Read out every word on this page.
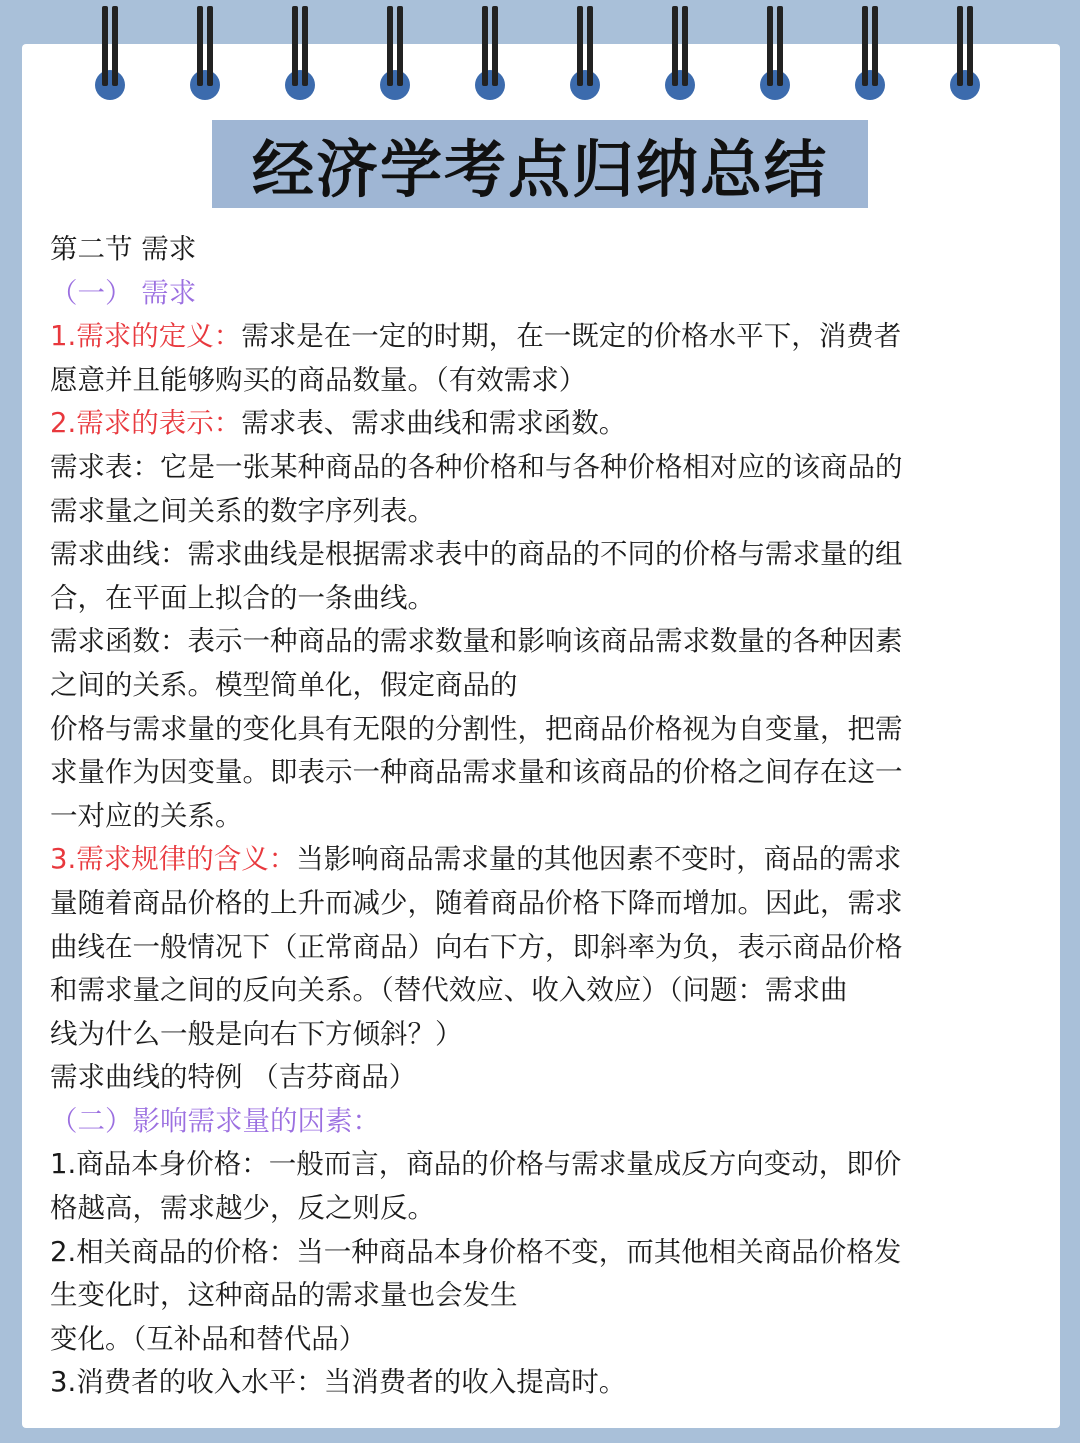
经济学考点归纳总结
第二节 需求
（一） 需求
1.需求的定义：需求是在一定的时期，在一既定的价格水平下，消费者
愿意并且能够购买的商品数量。（有效需求）
2.需求的表示：需求表、需求曲线和需求函数。
需求表：它是一张某种商品的各种价格和与各种价格相对应的该商品的
需求量之间关系的数字序列表。
需求曲线：需求曲线是根据需求表中的商品的不同的价格与需求量的组
合，在平面上拟合的一条曲线。
需求函数：表示一种商品的需求数量和影响该商品需求数量的各种因素
之间的关系。模型简单化，假定商品的
价格与需求量的变化具有无限的分割性，把商品价格视为自变量，把需
求量作为因变量。即表示一种商品需求量和该商品的价格之间存在这一
一对应的关系。
3.需求规律的含义：当影响商品需求量的其他因素不变时，商品的需求
量随着商品价格的上升而减少，随着商品价格下降而增加。因此，需求
曲线在一般情况下（正常商品）向右下方，即斜率为负，表示商品价格
和需求量之间的反向关系。（替代效应、收入效应）（问题：需求曲
线为什么一般是向右下方倾斜？）
需求曲线的特例 （吉芬商品）
（二）影响需求量的因素：
1.商品本身价格：一般而言，商品的价格与需求量成反方向变动，即价
格越高，需求越少，反之则反。
2.相关商品的价格：当一种商品本身价格不变，而其他相关商品价格发
生变化时，这种商品的需求量也会发生
变化。（互补品和替代品）
3.消费者的收入水平：当消费者的收入提高时。
